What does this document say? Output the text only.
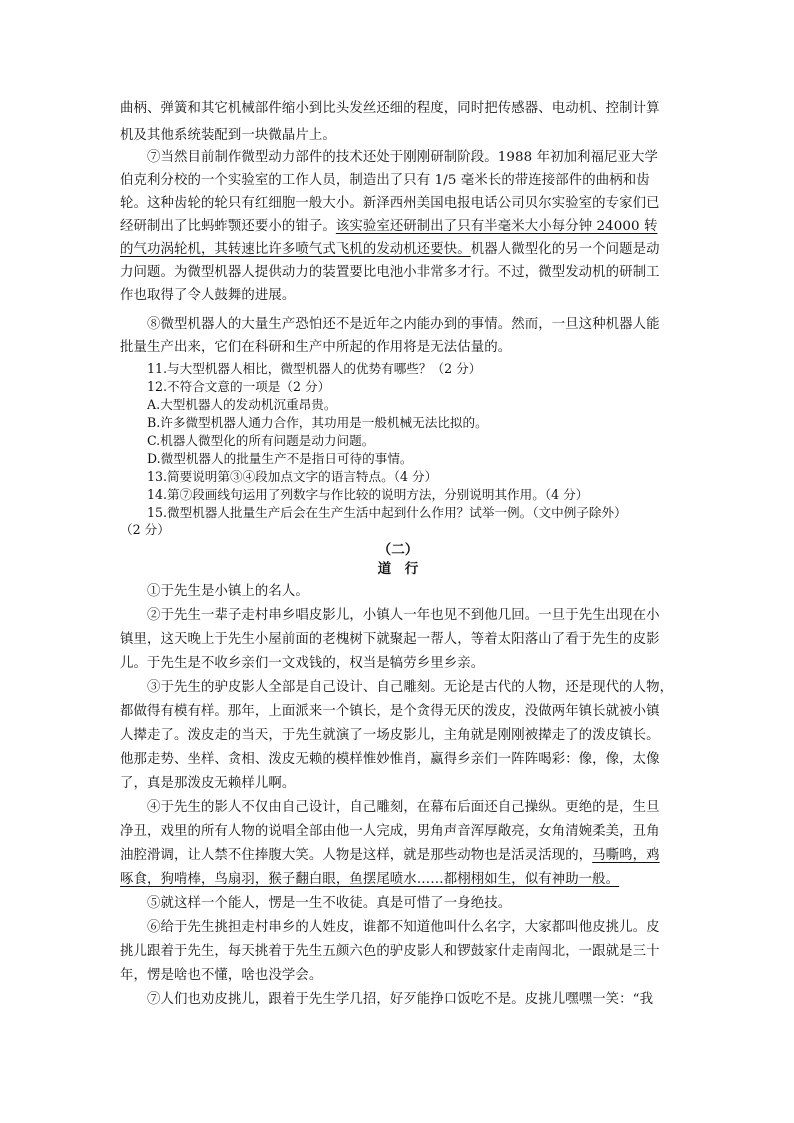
曲柄、弹簧和其它机械部件缩小到比头发丝还细的程度，同时把传感器、电动机、控制计算
机及其他系统装配到一块微晶片上。
⑦当然目前制作微型动力部件的技术还处于刚刚研制阶段。1988 年初加利福尼亚大学
伯克利分校的一个实验室的工作人员，制造出了只有 1/5 毫米长的带连接部件的曲柄和齿
轮。这种齿轮的轮只有红细胞一般大小。新泽西州美国电报电话公司贝尔实验室的专家们已
经研制出了比蚂蚱颚还要小的钳子。该实验室还研制出了只有半毫米大小每分钟 24000 转
的气功涡轮机，其转速比许多喷气式飞机的发动机还要快。机器人微型化的另一个问题是动
力问题。为微型机器人提供动力的装置要比电池小非常多才行。不过，微型发动机的研制工
作也取得了令人鼓舞的进展。
⑧微型机器人的大量生产恐怕还不是近年之内能办到的事情。然而，一旦这种机器人能
批量生产出来，它们在科研和生产中所起的作用将是无法估量的。
11.与大型机器人相比，微型机器人的优势有哪些？（2 分）
12.不符合文意的一项是（2 分）
A.大型机器人的发动机沉重昂贵。
B.许多微型机器人通力合作，其功用是一般机械无法比拟的。
C.机器人微型化的所有问题是动力问题。
D.微型机器人的批量生产不是指日可待的事情。
13.简要说明第③④段加点文字的语言特点。（4 分）
14.第⑦段画线句运用了列数字与作比较的说明方法，分别说明其作用。（4 分）
15.微型机器人批量生产后会在生产生活中起到什么作用？试举一例。（文中例子除外）
（2 分）
（二）
道　行
①于先生是小镇上的名人。
②于先生一辈子走村串乡唱皮影儿，小镇人一年也见不到他几回。一旦于先生出现在小
镇里，这天晚上于先生小屋前面的老槐树下就聚起一帮人，等着太阳落山了看于先生的皮影
儿。于先生是不收乡亲们一文戏钱的，权当是犒劳乡里乡亲。
③于先生的驴皮影人全部是自己设计、自己雕刻。无论是古代的人物，还是现代的人物，
都做得有模有样。那年，上面派来一个镇长，是个贪得无厌的泼皮，没做两年镇长就被小镇
人撵走了。泼皮走的当天，于先生就演了一场皮影儿，主角就是刚刚被撵走了的泼皮镇长。
他那走势、坐样、贪相、泼皮无赖的模样惟妙惟肖，赢得乡亲们一阵阵喝彩：像，像，太像
了，真是那泼皮无赖样儿啊。
④于先生的影人不仅由自己设计，自己雕刻，在幕布后面还自己操纵。更绝的是，生旦
净丑，戏里的所有人物的说唱全部由他一人完成，男角声音浑厚敞亮，女角清婉柔美，丑角
油腔滑调，让人禁不住捧腹大笑。人物是这样，就是那些动物也是活灵活现的，马嘶鸣，鸡
啄食，狗啃棒，鸟扇羽，猴子翻白眼，鱼摆尾喷水……都栩栩如生，似有神助一般。
⑤就这样一个能人，愣是一生不收徒。真是可惜了一身绝技。
⑥给于先生挑担走村串乡的人姓皮，谁都不知道他叫什么名字，大家都叫他皮挑儿。皮
挑儿跟着于先生，每天挑着于先生五颜六色的驴皮影人和锣鼓家什走南闯北，一跟就是三十
年，愣是啥也不懂，啥也没学会。
⑦人们也劝皮挑儿，跟着于先生学几招，好歹能挣口饭吃不是。皮挑儿嘿嘿一笑：“我
